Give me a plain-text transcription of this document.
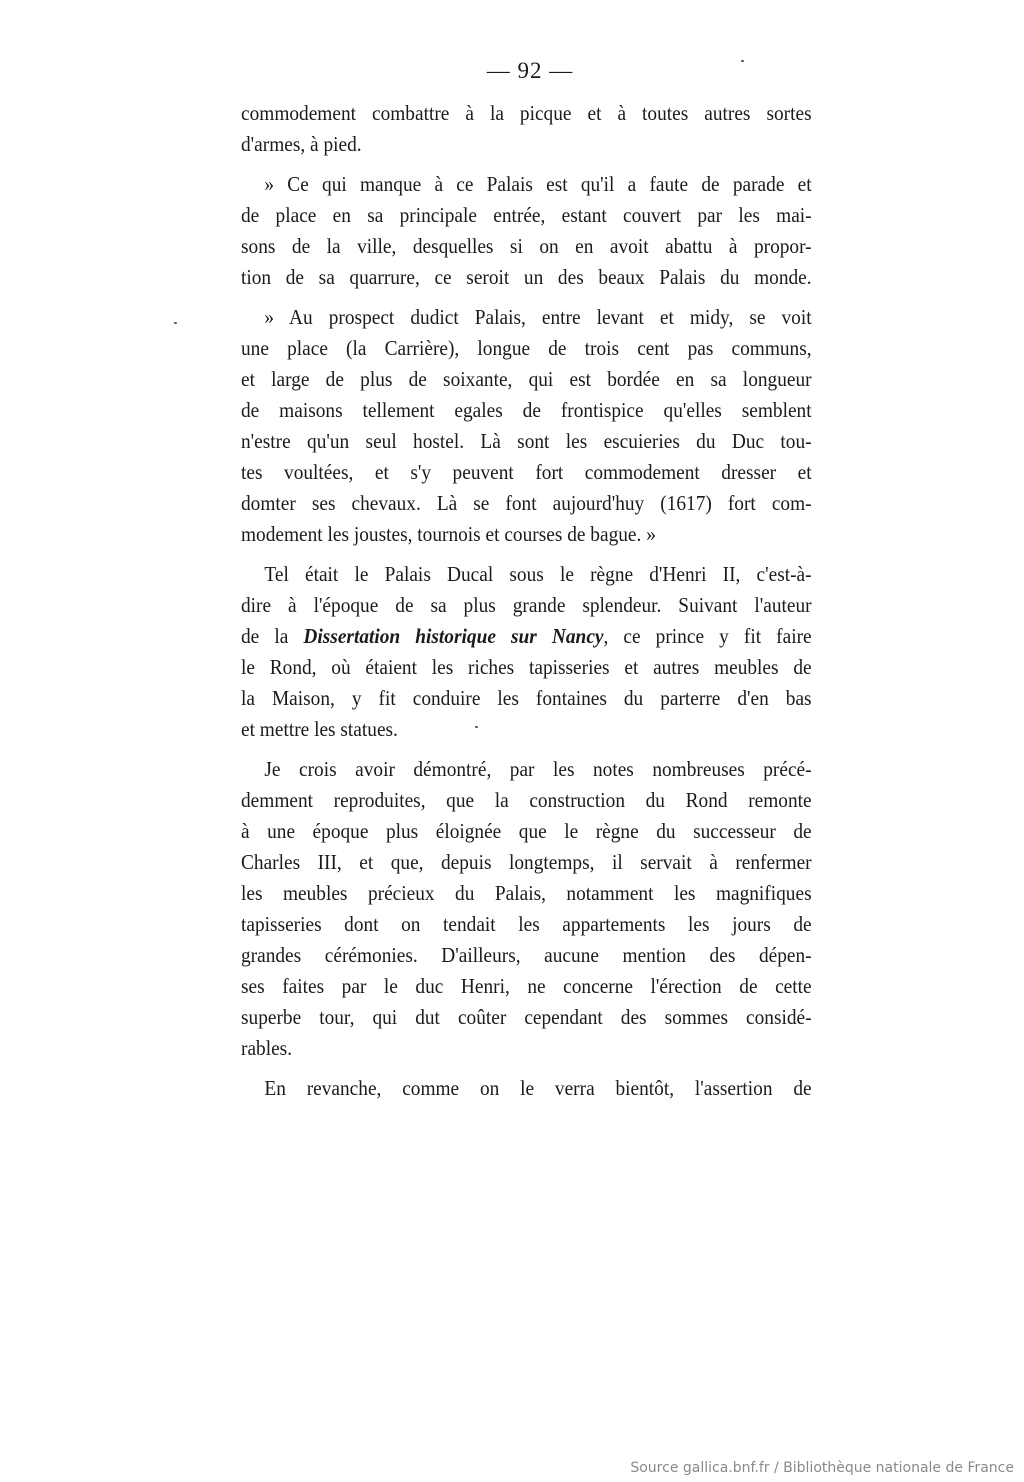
— 92 —
commodement combattre à la picque et à toutes autres sortes
d'armes, à pied.
» Ce qui manque à ce Palais est qu'il a faute de parade et
de place en sa principale entrée, estant couvert par les mai-
sons de la ville, desquelles si on en avoit abattu à propor-
tion de sa quarrure, ce seroit un des beaux Palais du monde.
» Au prospect dudict Palais, entre levant et midy, se voit
une place (la Carrière), longue de trois cent pas communs,
et large de plus de soixante, qui est bordée en sa longueur
de maisons tellement egales de frontispice qu'elles semblent
n'estre qu'un seul hostel. Là sont les escuieries du Duc tou-
tes voultées, et s'y peuvent fort commodement dresser et
domter ses chevaux. Là se font aujourd'huy (1617) fort com-
modement les joustes, tournois et courses de bague. »
Tel était le Palais Ducal sous le règne d'Henri II, c'est-à-
dire à l'époque de sa plus grande splendeur. Suivant l'auteur
de la Dissertation historique sur Nancy, ce prince y fit faire
le Rond, où étaient les riches tapisseries et autres meubles de
la Maison, y fit conduire les fontaines du parterre d'en bas
et mettre les statues.
Je crois avoir démontré, par les notes nombreuses précé-
demment reproduites, que la construction du Rond remonte
à une époque plus éloignée que le règne du successeur de
Charles III, et que, depuis longtemps, il servait à renfermer
les meubles précieux du Palais, notamment les magnifiques
tapisseries dont on tendait les appartements les jours de
grandes cérémonies. D'ailleurs, aucune mention des dépen-
ses faites par le duc Henri, ne concerne l'érection de cette
superbe tour, qui dut coûter cependant des sommes considé-
rables.
En revanche, comme on le verra bientôt, l'assertion de
Source gallica.bnf.fr / Bibliothèque nationale de France
